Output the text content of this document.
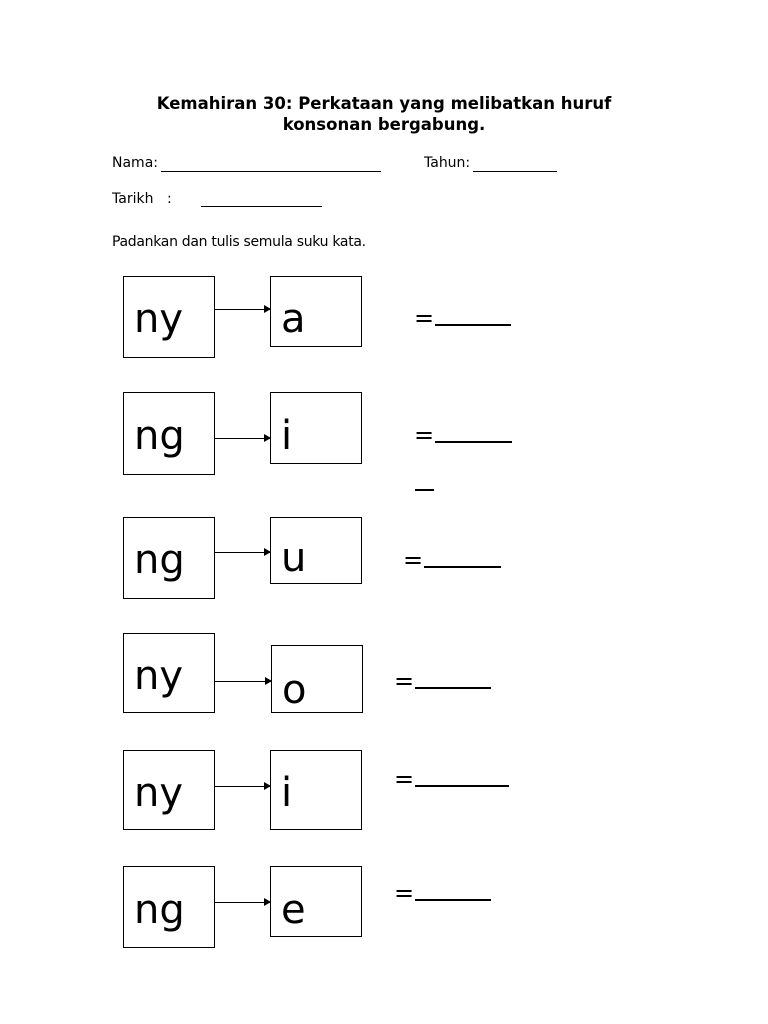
Kemahiran 30: Perkataan yang melibatkan huruf
konsonan bergabung.
Nama:	Tahun:
Tarikh :
Padankan dan tulis semula suku kata.
ny a	=
ng i	=
ng u	=
ny o	=
ny i	=
ng e	=
